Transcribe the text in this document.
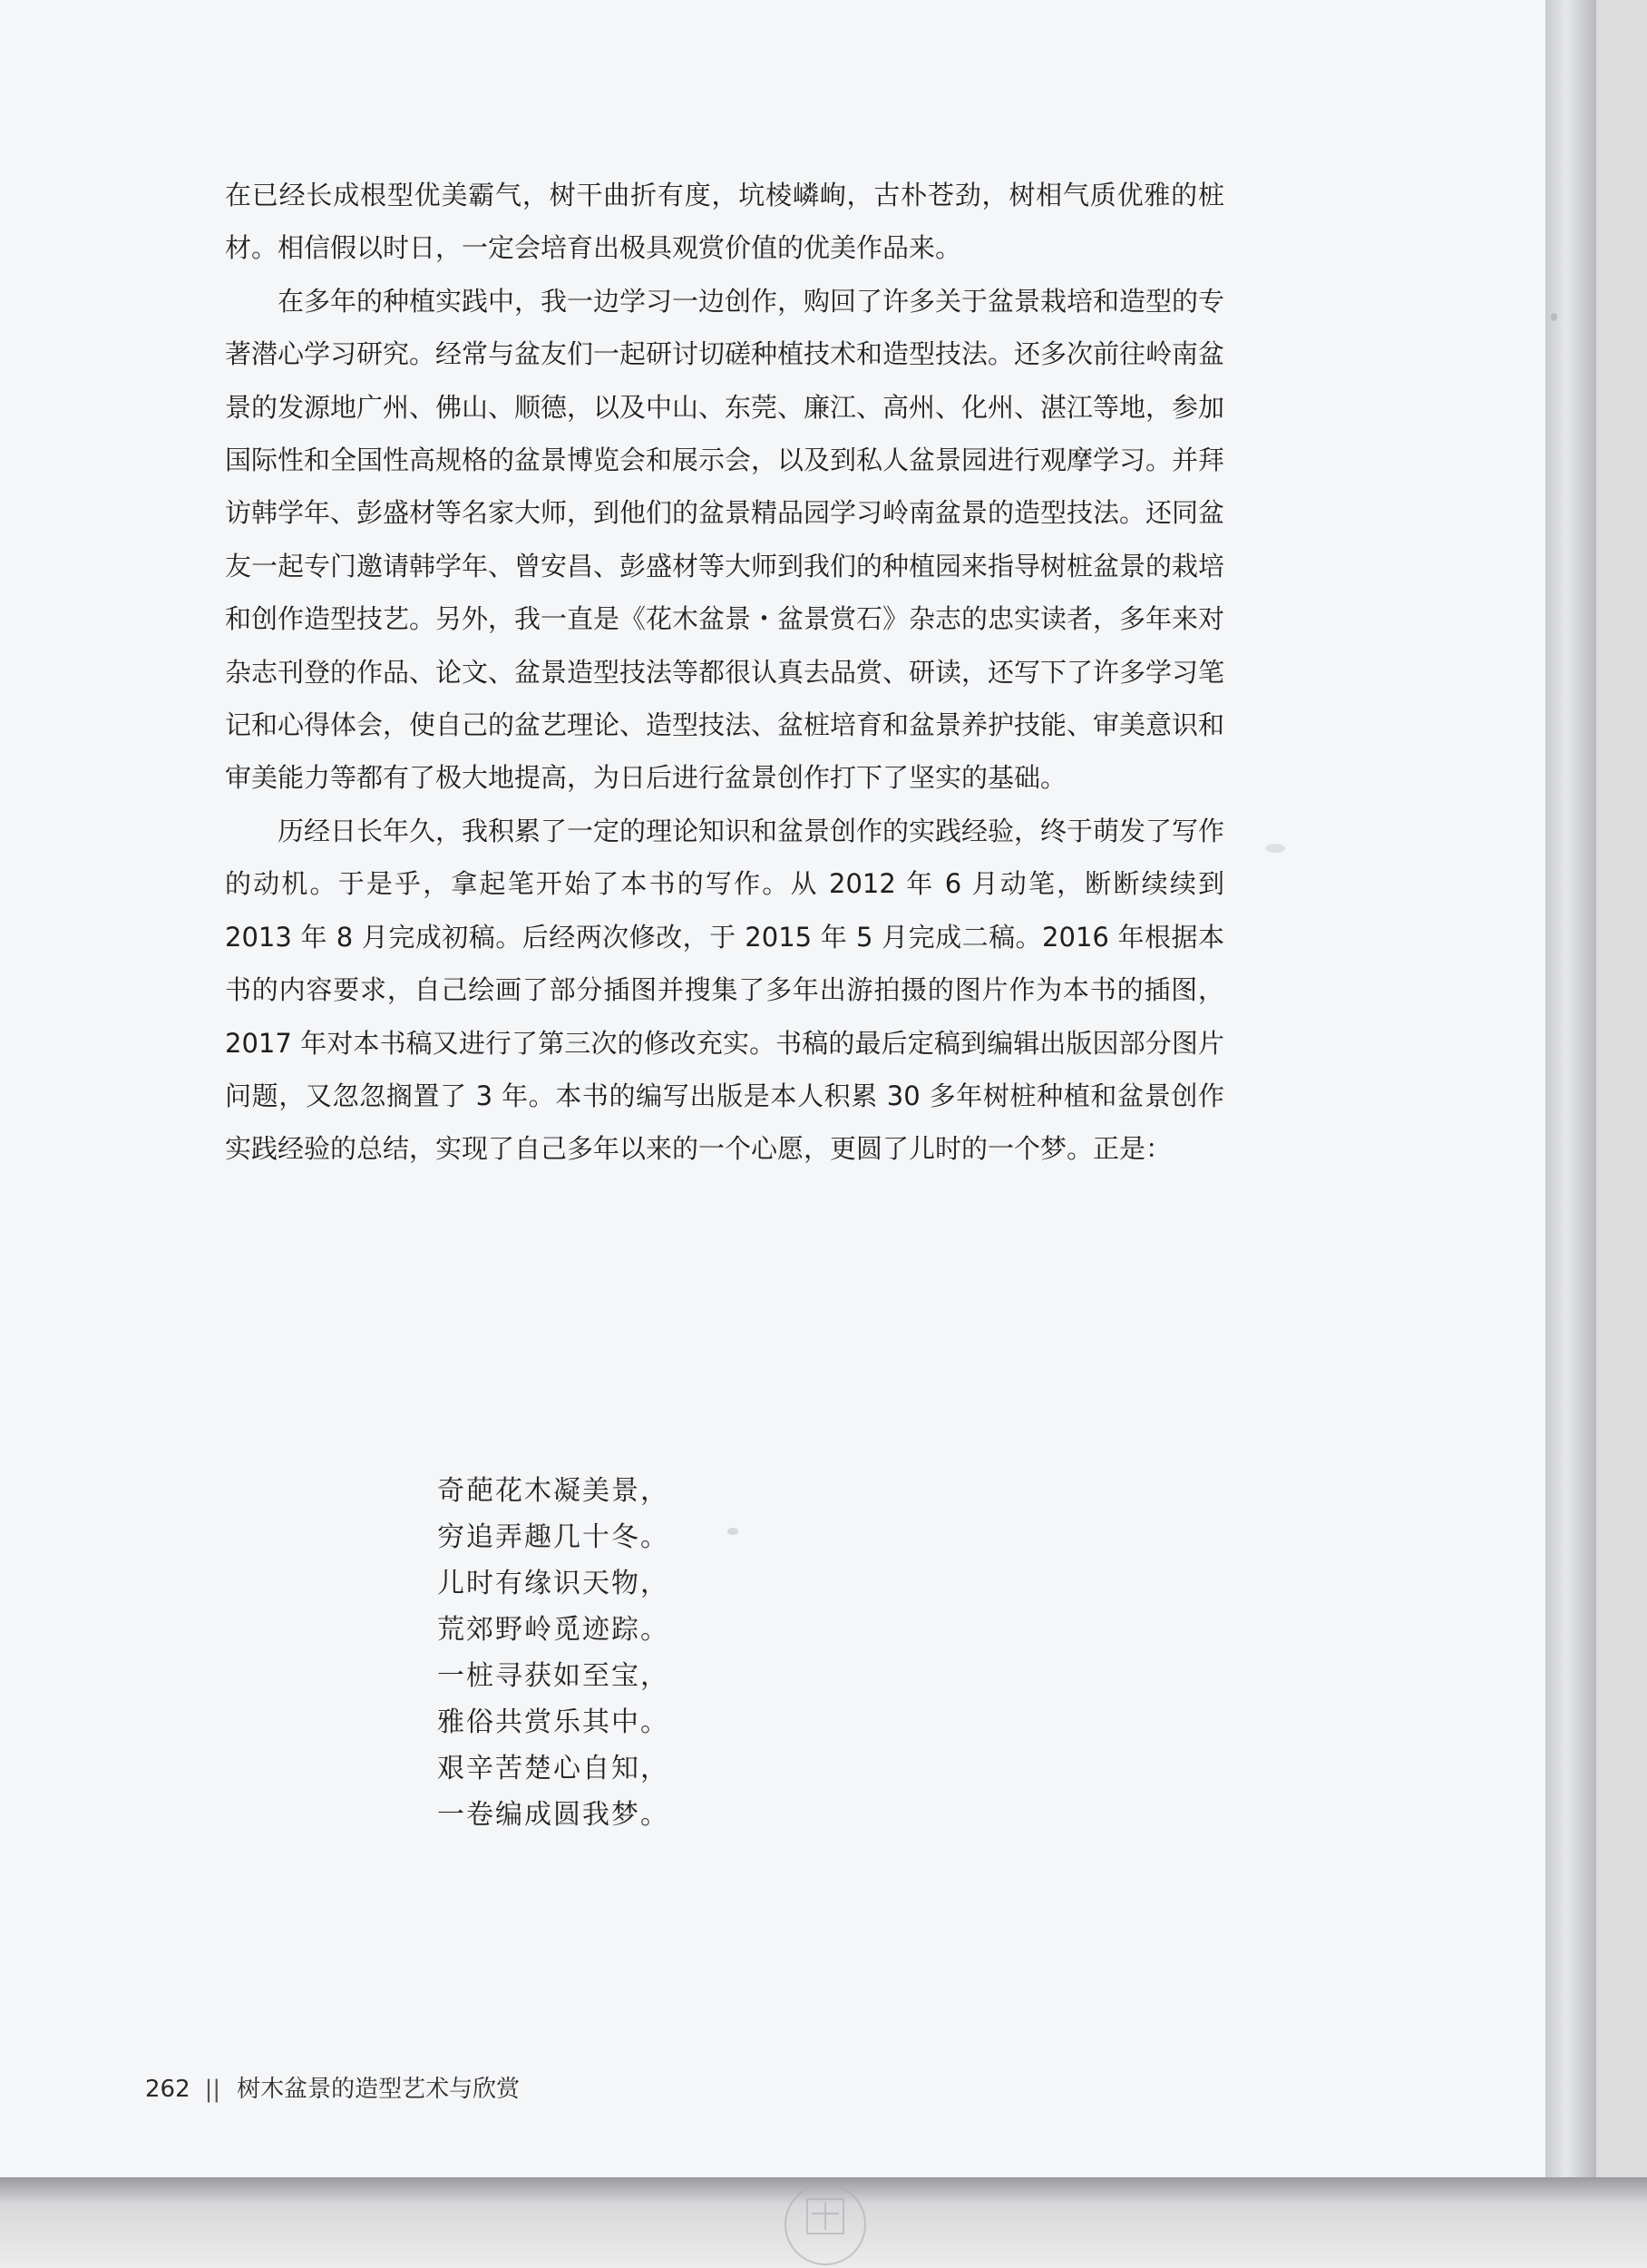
在已经长成根型优美霸气，树干曲折有度，坑棱嶙峋，古朴苍劲，树相气质优雅的桩材。相信假以时日，一定会培育出极具观赏价值的优美作品来。

在多年的种植实践中，我一边学习一边创作，购回了许多关于盆景栽培和造型的专著潜心学习研究。经常与盆友们一起研讨切磋种植技术和造型技法。还多次前往岭南盆景的发源地广州、佛山、顺德，以及中山、东莞、廉江、高州、化州、湛江等地，参加国际性和全国性高规格的盆景博览会和展示会，以及到私人盆景园进行观摩学习。并拜访韩学年、彭盛材等名家大师，到他们的盆景精品园学习岭南盆景的造型技法。还同盆友一起专门邀请韩学年、曾安昌、彭盛材等大师到我们的种植园来指导树桩盆景的栽培和创作造型技艺。另外，我一直是《花木盆景・盆景赏石》杂志的忠实读者，多年来对杂志刊登的作品、论文、盆景造型技法等都很认真去品赏、研读，还写下了许多学习笔记和心得体会，使自己的盆艺理论、造型技法、盆桩培育和盆景养护技能、审美意识和审美能力等都有了极大地提高，为日后进行盆景创作打下了坚实的基础。

历经日长年久，我积累了一定的理论知识和盆景创作的实践经验，终于萌发了写作的动机。于是乎，拿起笔开始了本书的写作。从 2012 年 6 月动笔，断断续续到 2013 年 8 月完成初稿。后经两次修改，于 2015 年 5 月完成二稿。2016 年根据本书的内容要求，自己绘画了部分插图并搜集了多年出游拍摄的图片作为本书的插图，2017 年对本书稿又进行了第三次的修改充实。书稿的最后定稿到编辑出版因部分图片问题，又忽忽搁置了 3 年。本书的编写出版是本人积累 30 多年树桩种植和盆景创作实践经验的总结，实现了自己多年以来的一个心愿，更圆了儿时的一个梦。正是：

奇葩花木凝美景，
穷追弄趣几十冬。
儿时有缘识天物，
荒郊野岭觅迹踪。
一桩寻获如至宝，
雅俗共赏乐其中。
艰辛苦楚心自知，
一卷编成圆我梦。
262 || 树木盆景的造型艺术与欣赏
